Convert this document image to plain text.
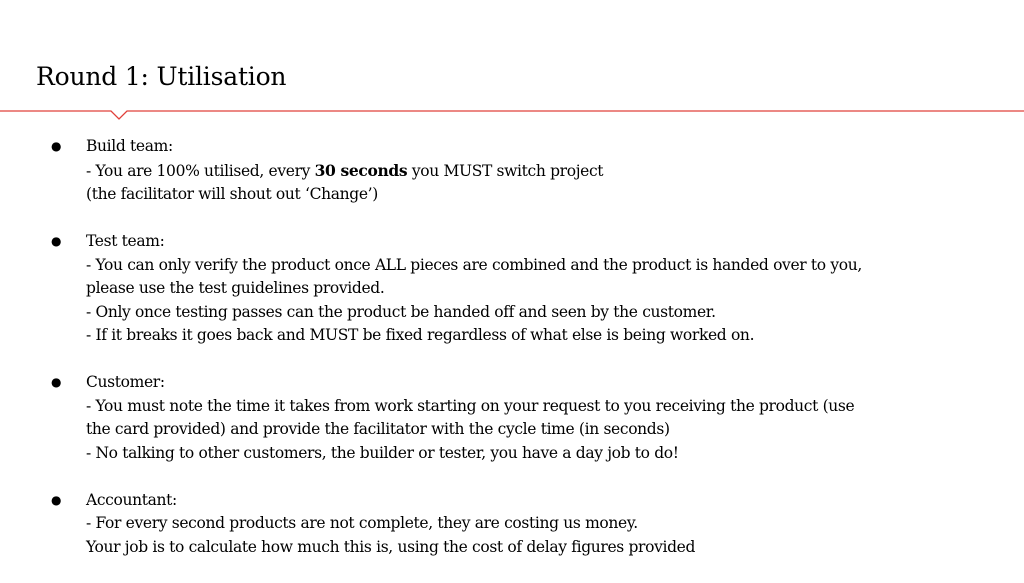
Round 1: Utilisation
● Build team:
- You are 100% utilised, every 30 seconds you MUST switch project
(the facilitator will shout out ‘Change’)
● Test team:
- You can only verify the product once ALL pieces are combined and the product is handed over to you,
please use the test guidelines provided.
- Only once testing passes can the product be handed off and seen by the customer.
- If it breaks it goes back and MUST be fixed regardless of what else is being worked on.
● Customer:
- You must note the time it takes from work starting on your request to you receiving the product (use
the card provided) and provide the facilitator with the cycle time (in seconds)
- No talking to other customers, the builder or tester, you have a day job to do!
● Accountant:
- For every second products are not complete, they are costing us money.
Your job is to calculate how much this is, using the cost of delay figures provided
